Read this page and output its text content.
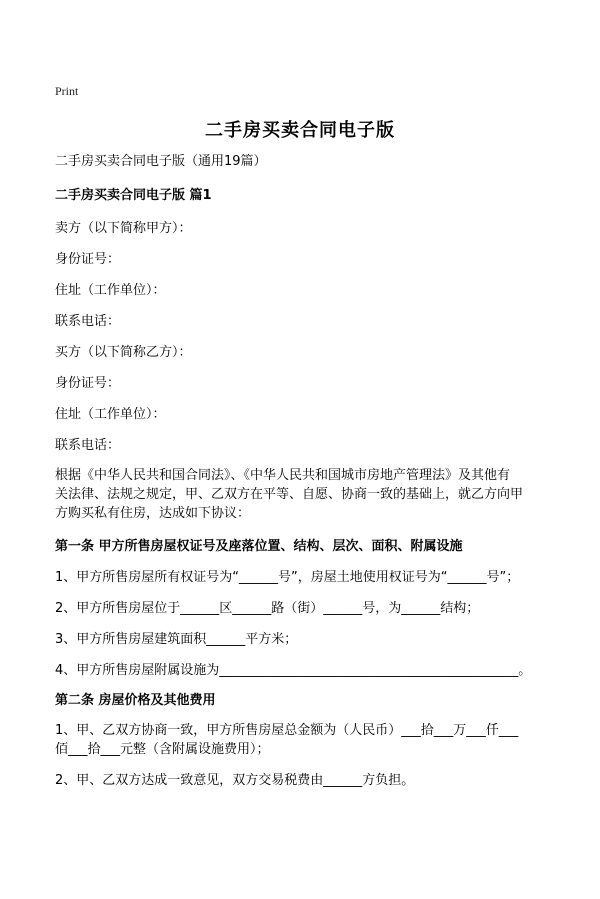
Print
二手房买卖合同电子版
二手房买卖合同电子版（通用19篇）
二手房买卖合同电子版 篇1
卖方（以下简称甲方）：
身份证号：
住址（工作单位）：
联系电话：
买方（以下简称乙方）：
身份证号：
住址（工作单位）：
联系电话：
根据《中华人民共和国合同法》、《中华人民共和国城市房地产管理法》及其他有
关法律、法规之规定，甲、乙双方在平等、自愿、协商一致的基础上，就乙方向甲
方购买私有住房，达成如下协议：
第一条 甲方所售房屋权证号及座落位置、结构、层次、面积、附属设施
1、甲方所售房屋所有权证号为“______号”，房屋土地使用权证号为“______号”；
2、甲方所售房屋位于______区______路（街）______号，为______结构；
3、甲方所售房屋建筑面积______平方米；
4、甲方所售房屋附属设施为______________________________________________。
第二条 房屋价格及其他费用
1、甲、乙双方协商一致，甲方所售房屋总金额为（人民币）___拾___万___仟___
佰___拾___元整（含附属设施费用）；
2、甲、乙双方达成一致意见，双方交易税费由______方负担。
